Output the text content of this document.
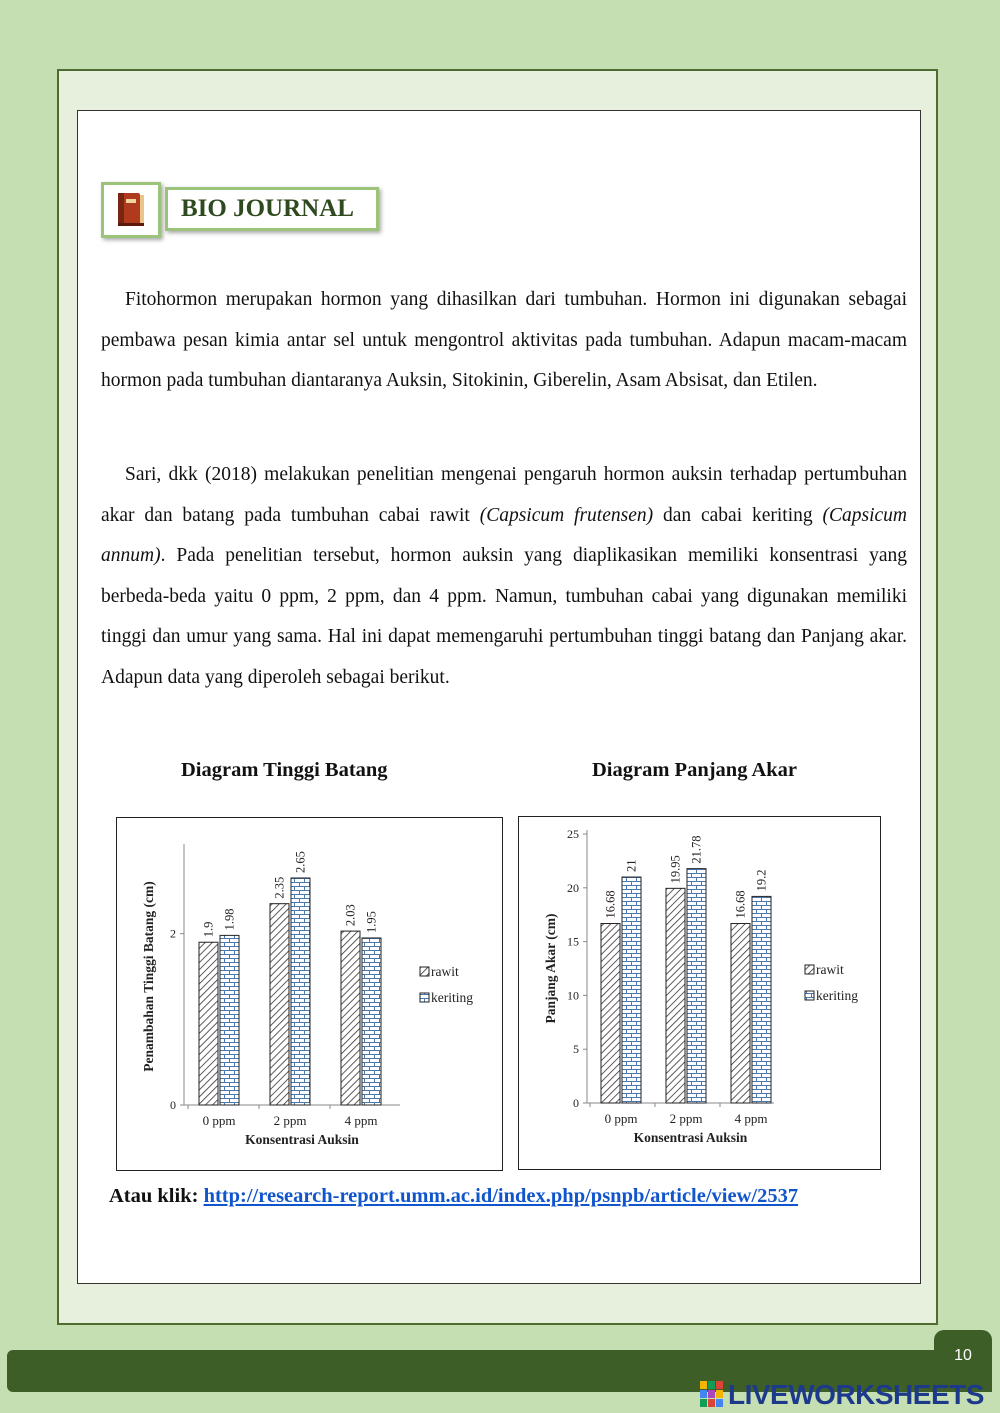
BIO JOURNAL

Fitohormon merupakan hormon yang dihasilkan dari tumbuhan. Hormon ini digunakan sebagai pembawa pesan kimia antar sel untuk mengontrol aktivitas pada tumbuhan. Adapun macam-macam hormon pada tumbuhan diantaranya Auksin, Sitokinin, Giberelin, Asam Absisat, dan Etilen.

Sari, dkk (2018) melakukan penelitian mengenai pengaruh hormon auksin terhadap pertumbuhan akar dan batang pada tumbuhan cabai rawit (Capsicum frutensen) dan cabai keriting (Capsicum annum). Pada penelitian tersebut, hormon auksin yang diaplikasikan memiliki konsentrasi yang berbeda-beda yaitu 0 ppm, 2 ppm, dan 4 ppm. Namun, tumbuhan cabai yang digunakan memiliki tinggi dan umur yang sama. Hal ini dapat memengaruhi pertumbuhan tinggi batang dan Panjang akar. Adapun data yang diperoleh sebagai berikut.

Diagram Tinggi Batang	Diagram Panjang Akar
0
2 1.9 1.98
0 ppm
2.35
2.65
2 ppm
2.03 1.95
4 ppm
Konsentrasi Auksin
Penambahan Tinggi Batang (cm)	rawit
keriting
0
5
10
15
20
25
16.68
21
0 ppm
19.95
21.78
2 ppm
16.68
19.2
4 ppm
Konsentrasi Auksin
Panjang Akar (cm)	rawit
keriting
Atau klik: http://research-report.umm.ac.id/index.php/psnpb/article/view/2537
10
LIVEWORKSHEETS
